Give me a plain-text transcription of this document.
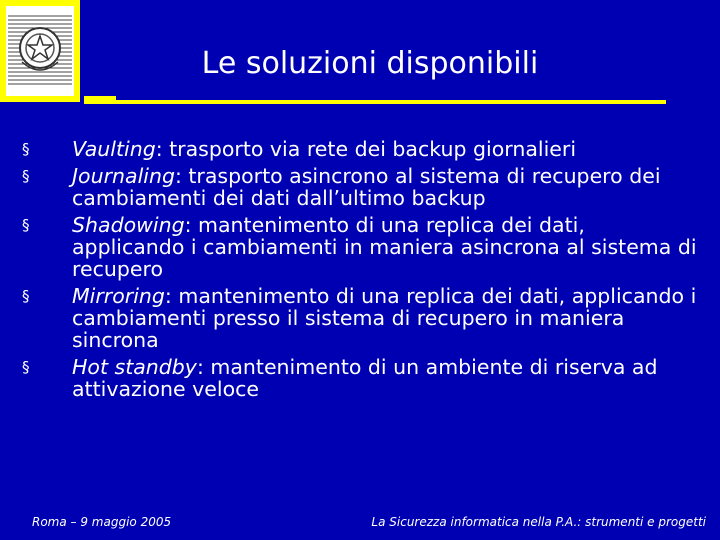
Le soluzioni disponibili
§	Vaulting: trasporto via rete dei backup giornalieri
§	Journaling: trasporto asincrono al sistema di recupero dei cambiamenti dei dati dall’ultimo backup
§	Shadowing: mantenimento di una replica dei dati, applicando i cambiamenti in maniera asincrona al sistema di recupero
§	Mirroring: mantenimento di una replica dei dati, applicando i cambiamenti presso il sistema di recupero in maniera sincrona
§	Hot standby: mantenimento di un ambiente di riserva ad attivazione veloce
Roma – 9 maggio 2005	La Sicurezza informatica nella P.A.: strumenti e progetti
